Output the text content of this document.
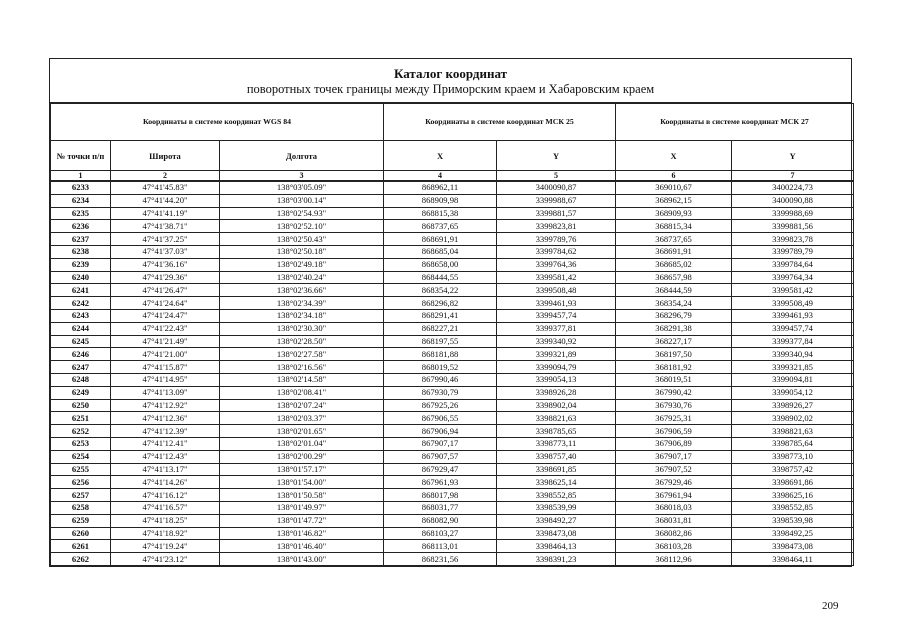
Каталог координат
поворотных точек границы между Приморским краем и Хабаровским краем
Координаты в системе координат WGS 84			Координаты в системе координат МСК 25		Координаты в системе координат МСК 27	
№ точки п/п	Широта	Долгота	X	Y	X	Y
1	2	3	4	5	6	7
6233	47°41'45.83"	138°03'05.09"	868962,11	3400090,87	369010,67	3400224,73
6234	47°41'44.20"	138°03'00.14"	868909,98	3399988,67	368962,15	3400090,88
6235	47°41'41.19"	138°02'54.93"	868815,38	3399881,57	368909,93	3399988,69
6236	47°41'38.71"	138°02'52.10"	868737,65	3399823,81	368815,34	3399881,56
6237	47°41'37.25"	138°02'50.43"	868691,91	3399789,76	368737,65	3399823,78
6238	47°41'37.03"	138°02'50.18"	868685,04	3399784,62	368691,91	3399789,79
6239	47°41'36.16"	138°02'49.18"	868658,00	3399764,36	368685,02	3399784,64
6240	47°41'29.36"	138°02'40.24"	868444,55	3399581,42	368657,98	3399764,34
6241	47°41'26.47"	138°02'36.66"	868354,22	3399508,48	368444,59	3399581,42
6242	47°41'24.64"	138°02'34.39"	868296,82	3399461,93	368354,24	3399508,49
6243	47°41'24.47"	138°02'34.18"	868291,41	3399457,74	368296,79	3399461,93
6244	47°41'22.43"	138°02'30.30"	868227,21	3399377,81	368291,38	3399457,74
6245	47°41'21.49"	138°02'28.50"	868197,55	3399340,92	368227,17	3399377,84
6246	47°41'21.00"	138°02'27.58"	868181,88	3399321,89	368197,50	3399340,94
6247	47°41'15.87"	138°02'16.56"	868019,52	3399094,79	368181,92	3399321,85
6248	47°41'14.95"	138°02'14.58"	867990,46	3399054,13	368019,51	3399094,81
6249	47°41'13.09"	138°02'08.41"	867930,79	3398926,28	367990,42	3399054,12
6250	47°41'12.92"	138°02'07.24"	867925,26	3398902,04	367930,76	3398926,27
6251	47°41'12.36"	138°02'03.37"	867906,55	3398821,63	367925,31	3398902,02
6252	47°41'12.39"	138°02'01.65"	867906,94	3398785,65	367906,59	3398821,63
6253	47°41'12.41"	138°02'01.04"	867907,17	3398773,11	367906,89	3398785,64
6254	47°41'12.43"	138°02'00.29"	867907,57	3398757,40	367907,17	3398773,10
6255	47°41'13.17"	138°01'57.17"	867929,47	3398691,85	367907,52	3398757,42
6256	47°41'14.26"	138°01'54.00"	867961,93	3398625,14	367929,46	3398691,86
6257	47°41'16.12"	138°01'50.58"	868017,98	3398552,85	367961,94	3398625,16
6258	47°41'16.57"	138°01'49.97"	868031,77	3398539,99	368018,03	3398552,85
6259	47°41'18.25"	138°01'47.72"	868082,90	3398492,27	368031,81	3398539,98
6260	47°41'18.92"	138°01'46.82"	868103,27	3398473,08	368082,86	3398492,25
6261	47°41'19.24"	138°01'46.40"	868113,01	3398464,13	368103,28	3398473,08
6262	47°41'23.12"	138°01'43.00"	868231,56	3398391,23	368112,96	3398464,11
209
